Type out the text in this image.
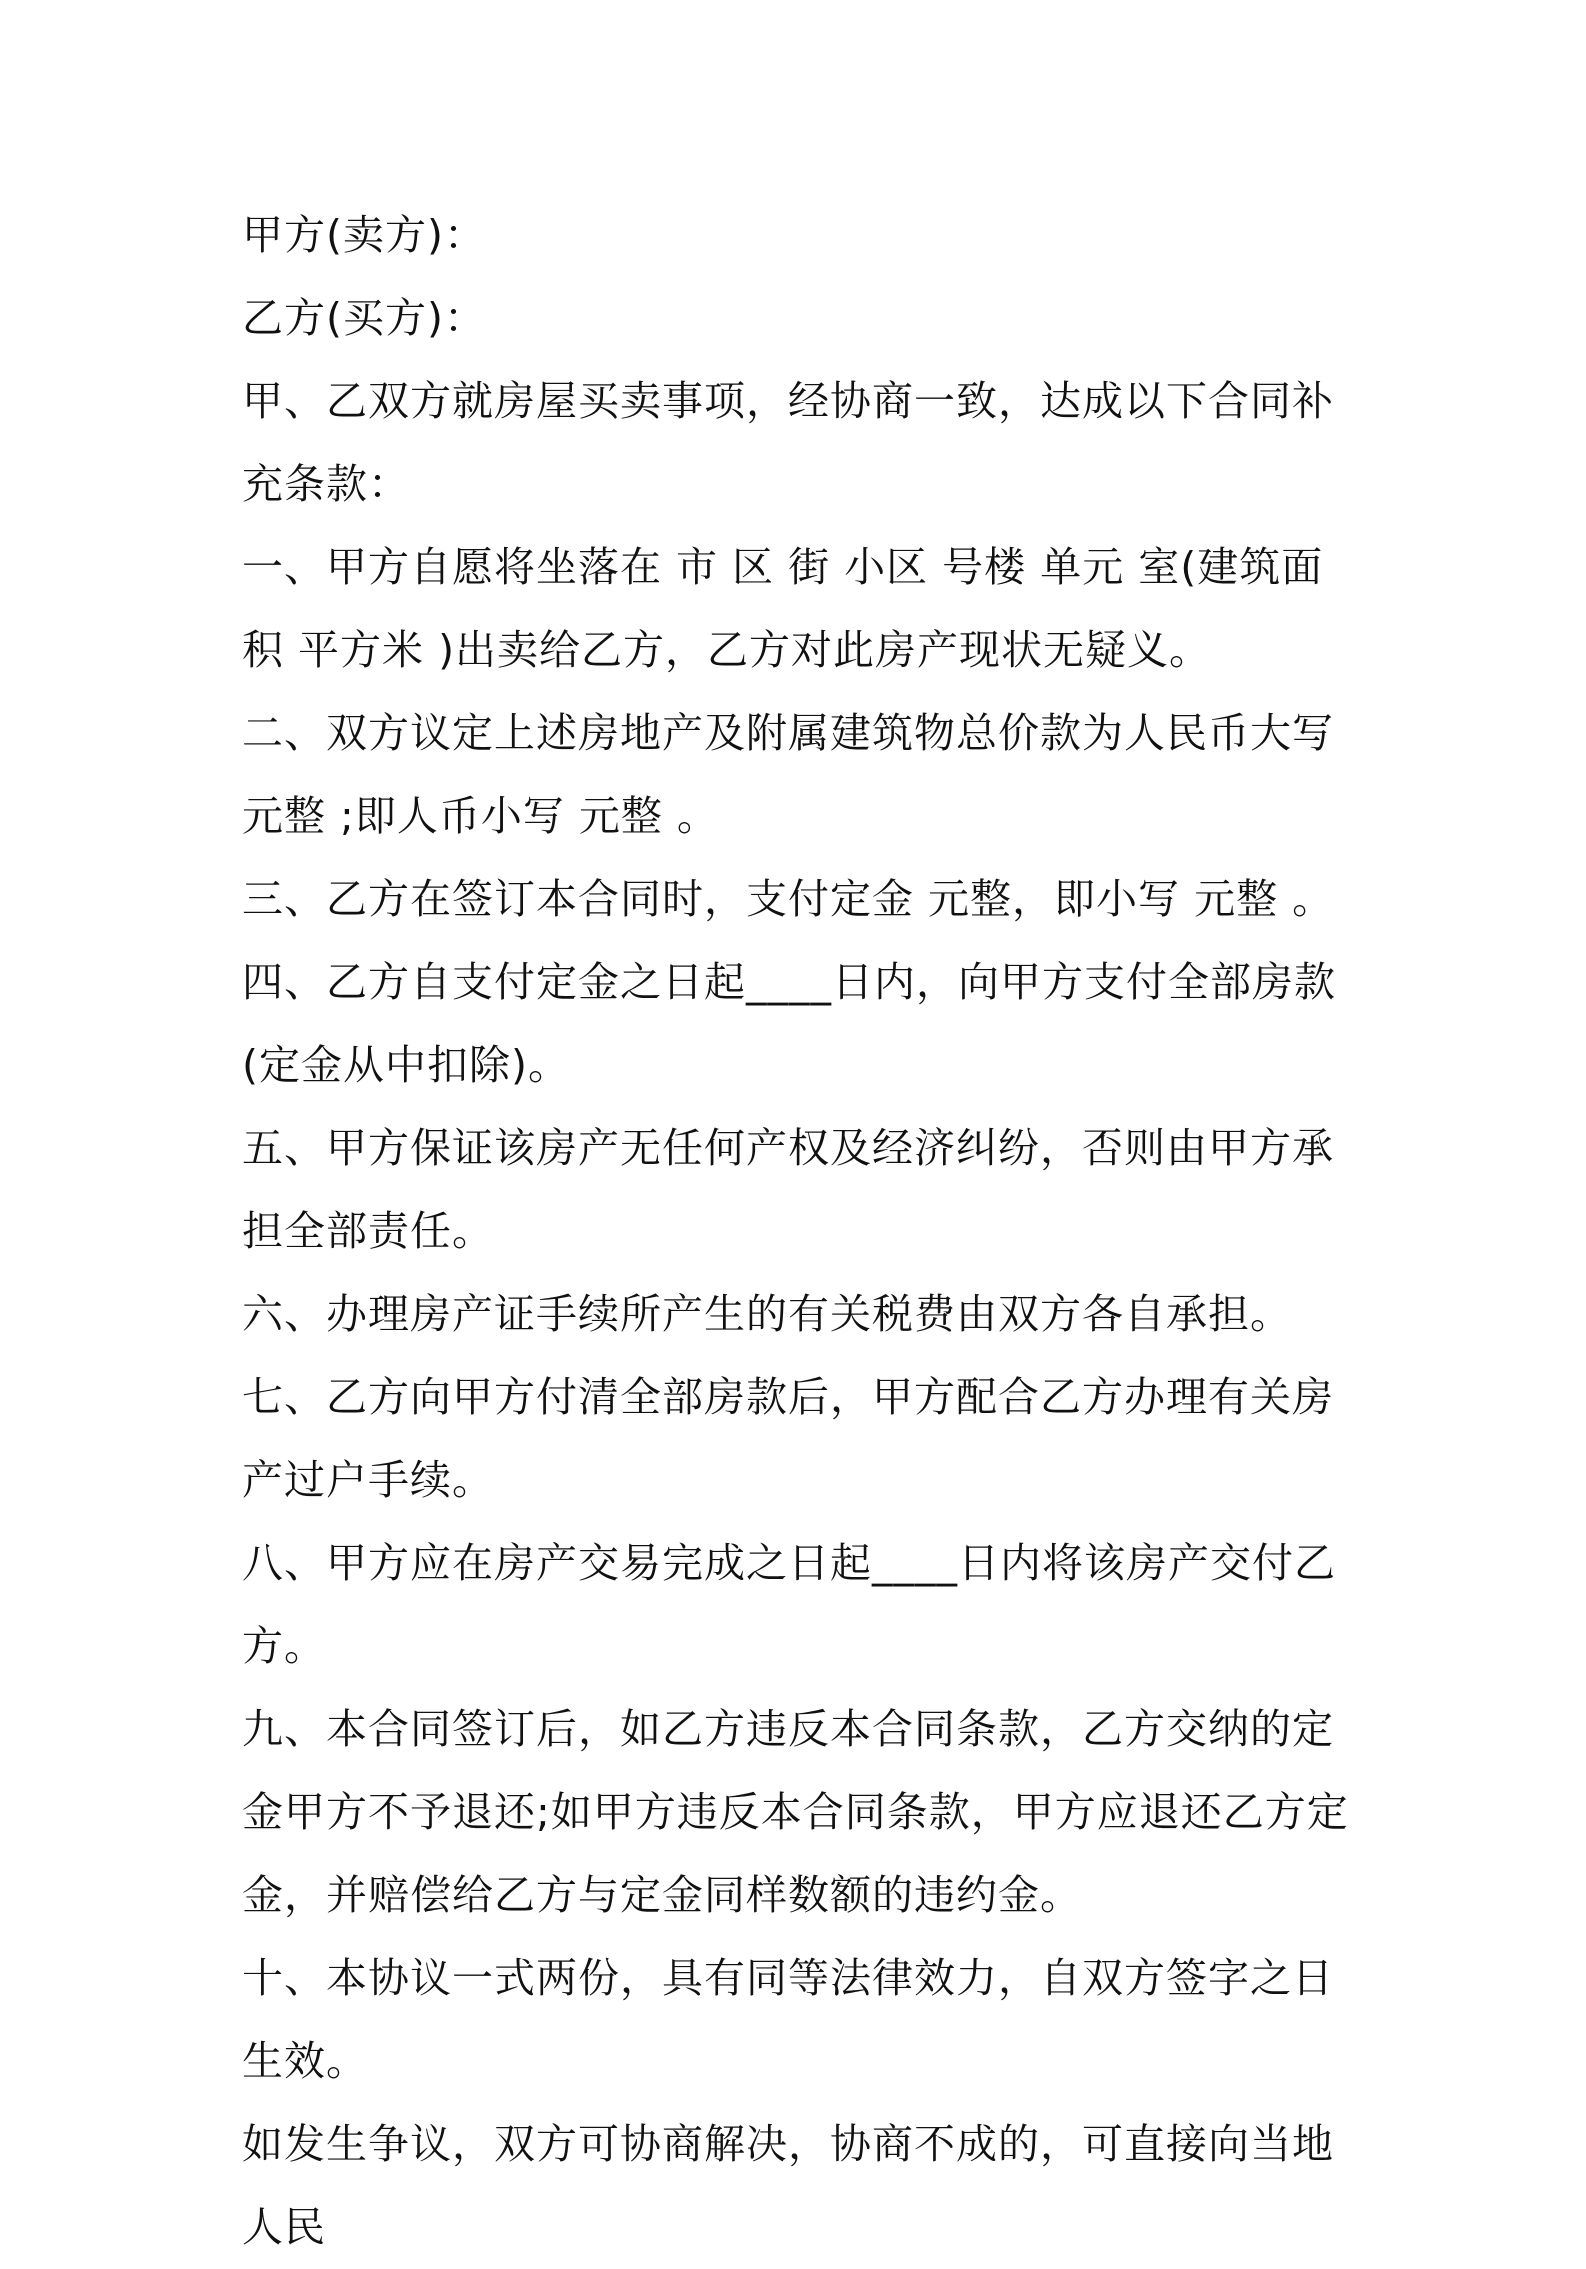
甲方(卖方)：

乙方(买方)：

甲、乙双方就房屋买卖事项，经协商一致，达成以下合同补充条款：

一、甲方自愿将坐落在 市 区 街 小区 号楼 单元 室(建筑面积 平方米 )出卖给乙方，乙方对此房产现状无疑义。

二、双方议定上述房地产及附属建筑物总价款为人民币大写 元整 ;即人币小写 元整 。

三、乙方在签订本合同时，支付定金 元整，即小写 元整 。

四、乙方自支付定金之日起____日内，向甲方支付全部房款(定金从中扣除)。

五、甲方保证该房产无任何产权及经济纠纷，否则由甲方承担全部责任。

六、办理房产证手续所产生的有关税费由双方各自承担。

七、乙方向甲方付清全部房款后，甲方配合乙方办理有关房产过户手续。

八、甲方应在房产交易完成之日起____日内将该房产交付乙方。

九、本合同签订后，如乙方违反本合同条款，乙方交纳的定金甲方不予退还;如甲方违反本合同条款，甲方应退还乙方定金，并赔偿给乙方与定金同样数额的违约金。

十、本协议一式两份，具有同等法律效力，自双方签字之日生效。

如发生争议，双方可协商解决，协商不成的，可直接向当地人民
